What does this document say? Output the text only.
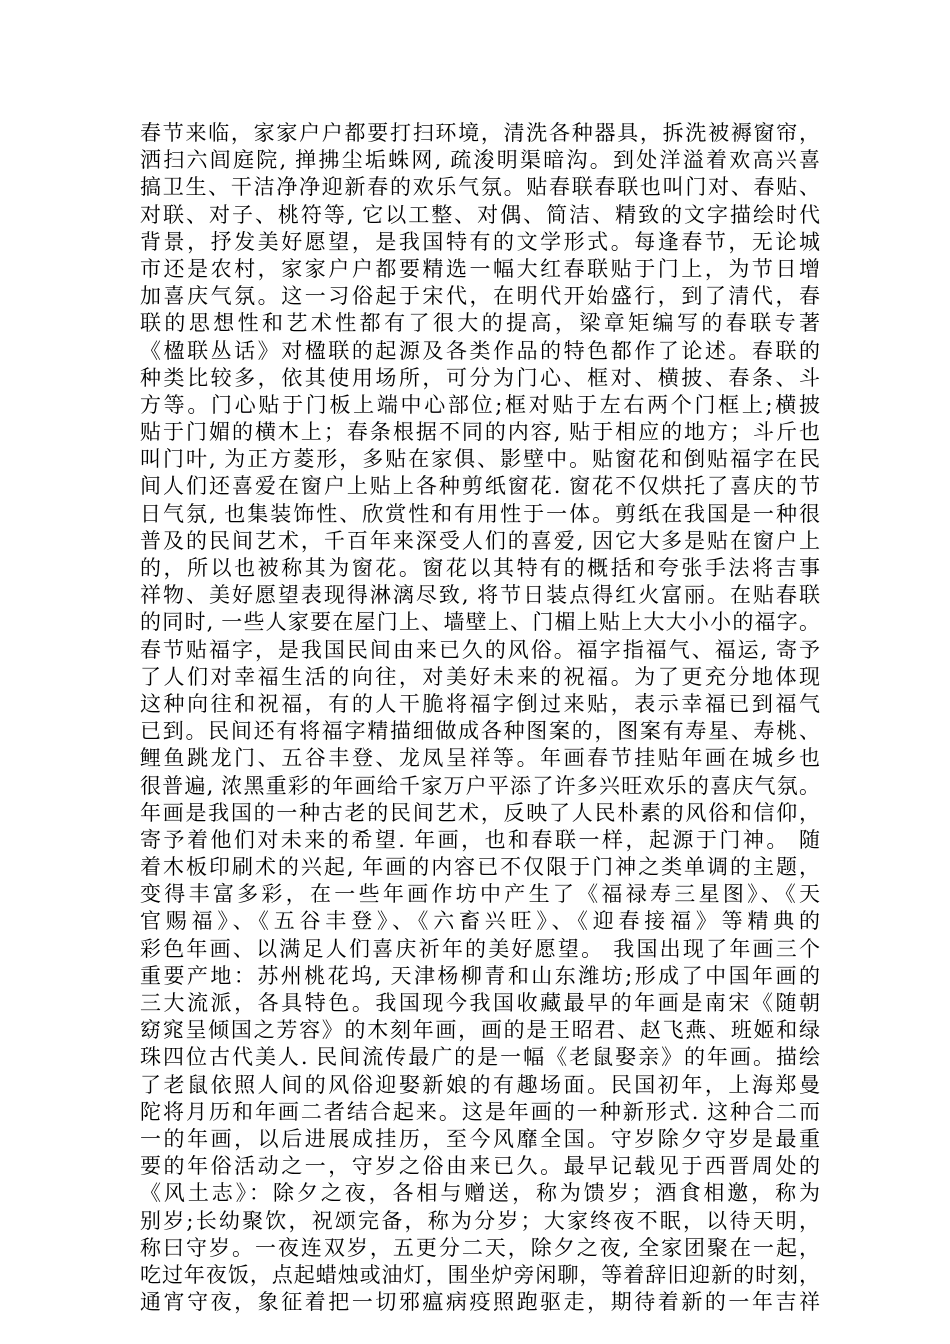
春节来临，家家户户都要打扫环境，清洗各种器具，拆洗被褥窗帘，
洒扫六闾庭院, 掸拂尘垢蛛网, 疏浚明渠暗沟。到处洋溢着欢高兴喜
搞卫生、干洁净净迎新春的欢乐气氛。贴春联春联也叫门对、春贴、
对联、对子、桃符等, 它以工整、对偶、简洁、精致的文字描绘时代
背景，抒发美好愿望，是我国特有的文学形式。每逢春节，无论城
市还是农村，家家户户都要精选一幅大红春联贴于门上，为节日增
加喜庆气氛。这一习俗起于宋代，在明代开始盛行，到了清代，春
联的思想性和艺术性都有了很大的提高，梁章矩编写的春联专著
《楹联丛话》对楹联的起源及各类作品的特色都作了论述。春联的
种类比较多，依其使用场所，可分为门心、框对、横披、春条、斗
方等。门心贴于门板上端中心部位;框对贴于左右两个门框上;横披
贴于门媚的横木上；春条根据不同的内容, 贴于相应的地方；斗斤也
叫门叶, 为正方菱形，多贴在家俱、影壁中。贴窗花和倒贴福字在民
间人们还喜爱在窗户上贴上各种剪纸窗花. 窗花不仅烘托了喜庆的节
日气氛, 也集装饰性、欣赏性和有用性于一体。剪纸在我国是一种很
普及的民间艺术，千百年来深受人们的喜爱, 因它大多是贴在窗户上
的，所以也被称其为窗花。窗花以其特有的概括和夸张手法将吉事
祥物、美好愿望表现得淋漓尽致, 将节日装点得红火富丽。在贴春联
的同时, 一些人家要在屋门上、墙壁上、门楣上贴上大大小小的福字。
春节贴福字，是我国民间由来已久的风俗。福字指福气、福运, 寄予
了人们对幸福生活的向往，对美好未来的祝福。为了更充分地体现
这种向往和祝福，有的人干脆将福字倒过来贴，表示幸福已到福气
已到。民间还有将福字精描细做成各种图案的，图案有寿星、寿桃、
鲤鱼跳龙门、五谷丰登、龙凤呈祥等。年画春节挂贴年画在城乡也
很普遍, 浓黑重彩的年画给千家万户平添了许多兴旺欢乐的喜庆气氛。
年画是我国的一种古老的民间艺术，反映了人民朴素的风俗和信仰，
寄予着他们对未来的希望. 年画，也和春联一样，起源于门神。 随
着木板印刷术的兴起, 年画的内容已不仅限于门神之类单调的主题，
变得丰富多彩，在一些年画作坊中产生了《福禄寿三星图》、《天
官赐福》、《五谷丰登》、《六畜兴旺》、《迎春接福》等精典的
彩色年画、以满足人们喜庆祈年的美好愿望。 我国出现了年画三个
重要产地：苏州桃花坞, 天津杨柳青和山东潍坊;形成了中国年画的
三大流派，各具特色。我国现今我国收藏最早的年画是南宋《随朝
窈窕呈倾国之芳容》的木刻年画，画的是王昭君、赵飞燕、班姬和绿
珠四位古代美人. 民间流传最广的是一幅《老鼠娶亲》的年画。描绘
了老鼠依照人间的风俗迎娶新娘的有趣场面。民国初年，上海郑曼
陀将月历和年画二者结合起来。这是年画的一种新形式. 这种合二而
一的年画，以后进展成挂历，至今风靡全国。守岁除夕守岁是最重
要的年俗活动之一，守岁之俗由来已久。最早记载见于西晋周处的
《风土志》：除夕之夜，各相与赠送，称为馈岁；酒食相邀，称为
别岁;长幼聚饮，祝颂完备，称为分岁；大家终夜不眠，以待天明，
称曰守岁。一夜连双岁，五更分二天，除夕之夜, 全家团聚在一起，
吃过年夜饭，点起蜡烛或油灯，围坐炉旁闲聊，等着辞旧迎新的时刻，
通宵守夜，象征着把一切邪瘟病疫照跑驱走，期待着新的一年吉祥
